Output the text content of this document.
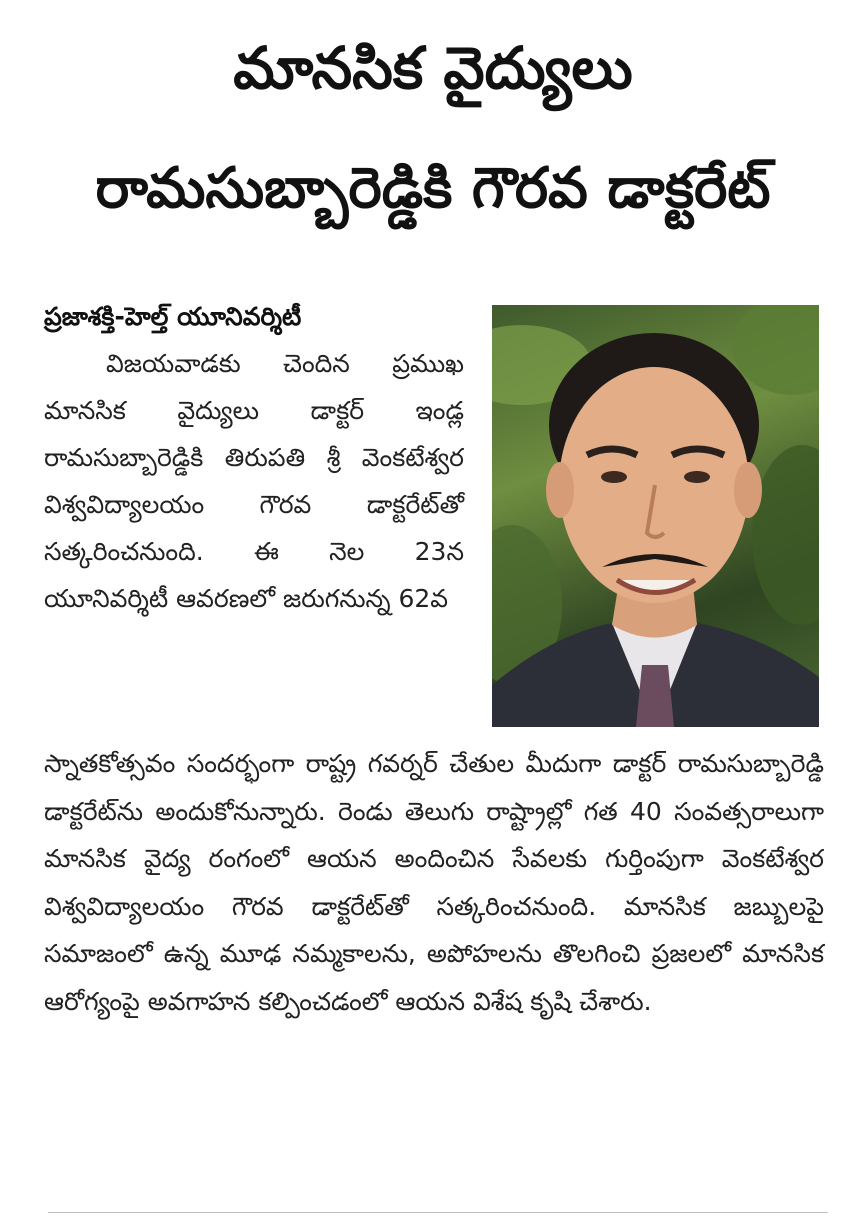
మానసిక వైద్యులు
రామసుబ్బారెడ్డికి గౌరవ డాక్టరేట్
ప్రజాశక్తి-హెల్త్ యూనివర్శిటీ

విజయవాడకు చెందిన ప్రముఖ మానసిక వైద్యులు డాక్టర్ ఇండ్ల రామసుబ్బారెడ్డికి తిరుపతి శ్రీ వెంకటేశ్వర విశ్వవిద్యాలయం గౌరవ డాక్టరేట్‌తో సత్కరించనుంది. ఈ నెల 23న యూనివర్శిటీ ఆవరణలో జరుగనున్న 62వ

స్నాతకోత్సవం సందర్భంగా రాష్ట్ర గవర్నర్ చేతుల మీదుగా డాక్టర్ రామసుబ్బారెడ్డి డాక్టరేట్‌ను అందుకోనున్నారు. రెండు తెలుగు రాష్ట్రాల్లో గత 40 సంవత్సరాలుగా మానసిక వైద్య రంగంలో ఆయన అందించిన సేవలకు గుర్తింపుగా వెంకటేశ్వర విశ్వవిద్యాలయం గౌరవ డాక్టరేట్‌తో సత్కరించనుంది. మానసిక జబ్బులపై సమాజంలో ఉన్న మూఢ నమ్మకాలను, అపోహలను తొలగించి ప్రజలలో మానసిక ఆరోగ్యంపై అవగాహన కల్పించడంలో ఆయన విశేష కృషి చేశారు.
